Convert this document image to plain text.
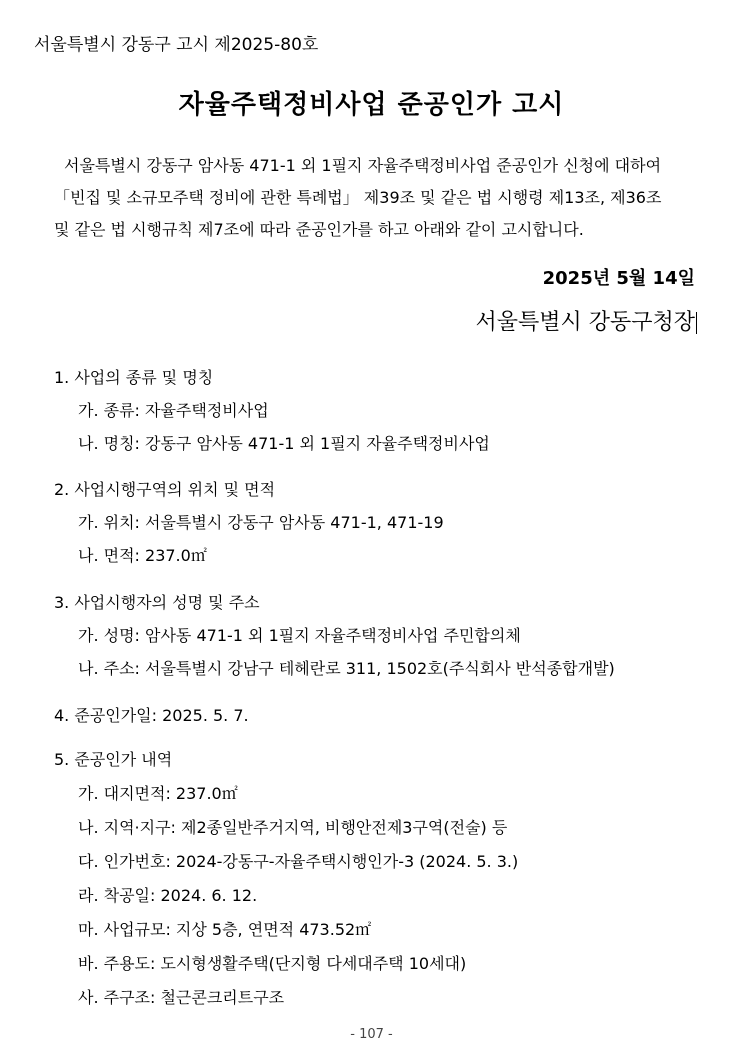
서울특별시 강동구 고시 제2025-80호
자율주택정비사업 준공인가 고시

서울특별시 강동구 암사동 471-1 외 1필지 자율주택정비사업 준공인가 신청에 대하여

「빈집 및 소규모주택 정비에 관한 특례법」 제39조 및 같은 법 시행령 제13조, 제36조

및 같은 법 시행규칙 제7조에 따라 준공인가를 하고 아래와 같이 고시합니다.

2025년 5월 14일
서울특별시 강동구청장
1. 사업의 종류 및 명칭
가. 종류: 자율주택정비사업
나. 명칭: 강동구 암사동 471-1 외 1필지 자율주택정비사업
2. 사업시행구역의 위치 및 면적
가. 위치: 서울특별시 강동구 암사동 471-1, 471-19
나. 면적: 237.0㎡
3. 사업시행자의 성명 및 주소
가. 성명: 암사동 471-1 외 1필지 자율주택정비사업 주민합의체
나. 주소: 서울특별시 강남구 테헤란로 311, 1502호(주식회사 반석종합개발)
4. 준공인가일: 2025. 5. 7.
5. 준공인가 내역
가. 대지면적: 237.0㎡
나. 지역·지구: 제2종일반주거지역, 비행안전제3구역(전술) 등
다. 인가번호: 2024-강동구-자율주택시행인가-3 (2024. 5. 3.)
라. 착공일: 2024. 6. 12.
마. 사업규모: 지상 5층, 연면적 473.52㎡
바. 주용도: 도시형생활주택(단지형 다세대주택 10세대)
사. 주구조: 철근콘크리트구조
- 107 -
